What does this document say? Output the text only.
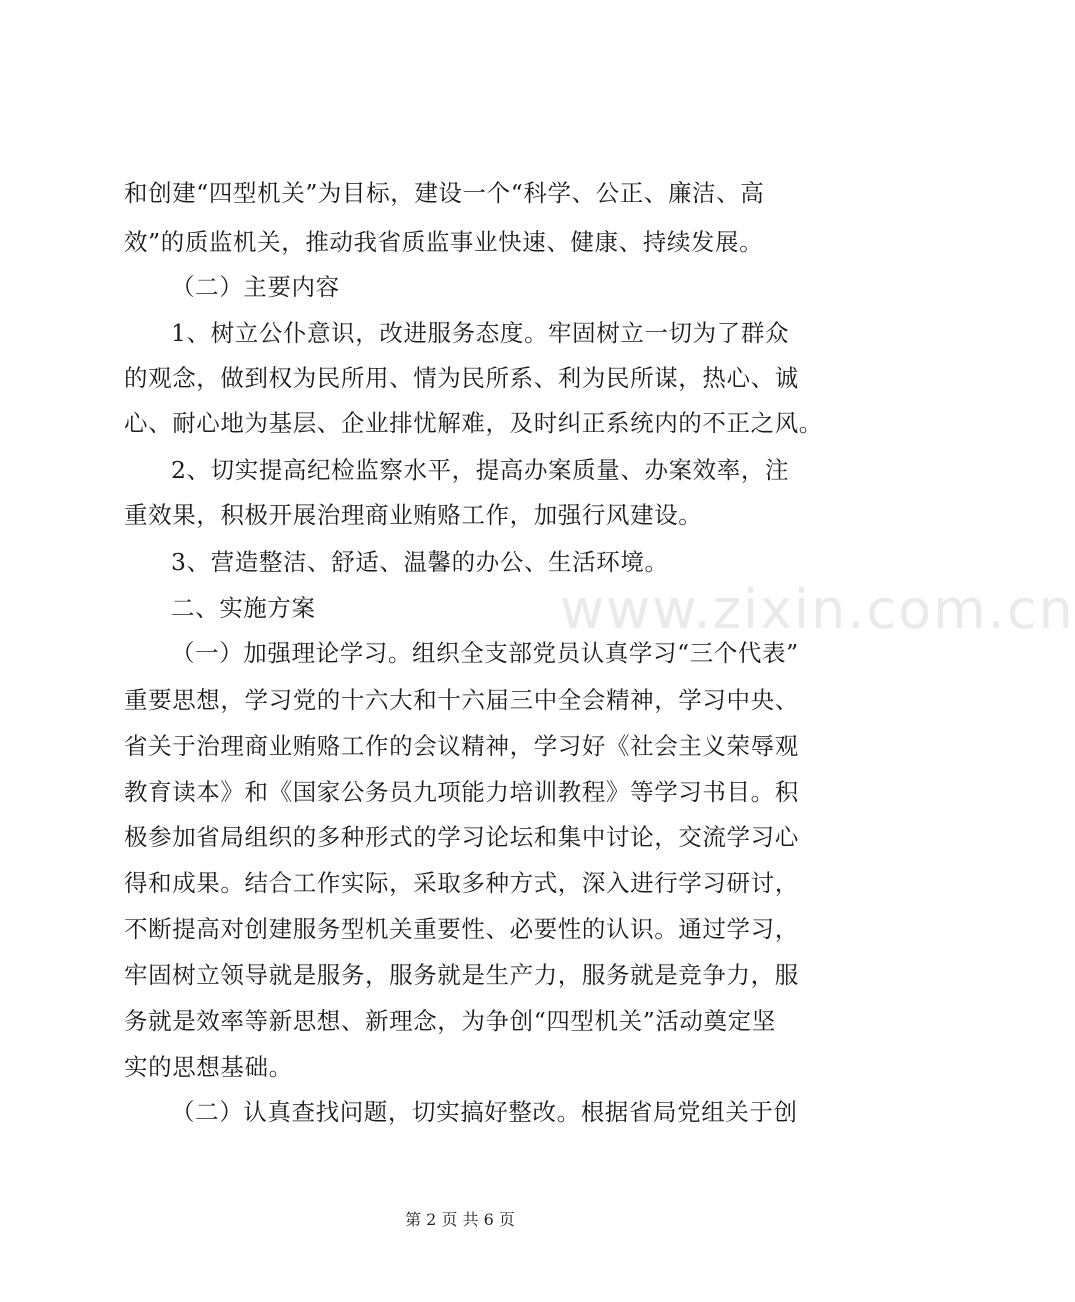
www.zixin.com.cn
和创建“四型机关”为目标，建设一个“科学、公正、廉洁、高
效”的质监机关，推动我省质监事业快速、健康、持续发展。
（二）主要内容
1、树立公仆意识，改进服务态度。牢固树立一切为了群众
的观念，做到权为民所用、情为民所系、利为民所谋，热心、诚
心、耐心地为基层、企业排忧解难，及时纠正系统内的不正之风。
2、切实提高纪检监察水平，提高办案质量、办案效率，注
重效果，积极开展治理商业贿赂工作，加强行风建设。
3、营造整洁、舒适、温馨的办公、生活环境。
二、实施方案
（一）加强理论学习。组织全支部党员认真学习“三个代表”
重要思想，学习党的十六大和十六届三中全会精神，学习中央、
省关于治理商业贿赂工作的会议精神，学习好《社会主义荣辱观
教育读本》和《国家公务员九项能力培训教程》等学习书目。积
极参加省局组织的多种形式的学习论坛和集中讨论，交流学习心
得和成果。结合工作实际，采取多种方式，深入进行学习研讨，
不断提高对创建服务型机关重要性、必要性的认识。通过学习，
牢固树立领导就是服务，服务就是生产力，服务就是竞争力，服
务就是效率等新思想、新理念，为争创“四型机关”活动奠定坚
实的思想基础。
（二）认真查找问题，切实搞好整改。根据省局党组关于创
第 2 页 共 6 页
